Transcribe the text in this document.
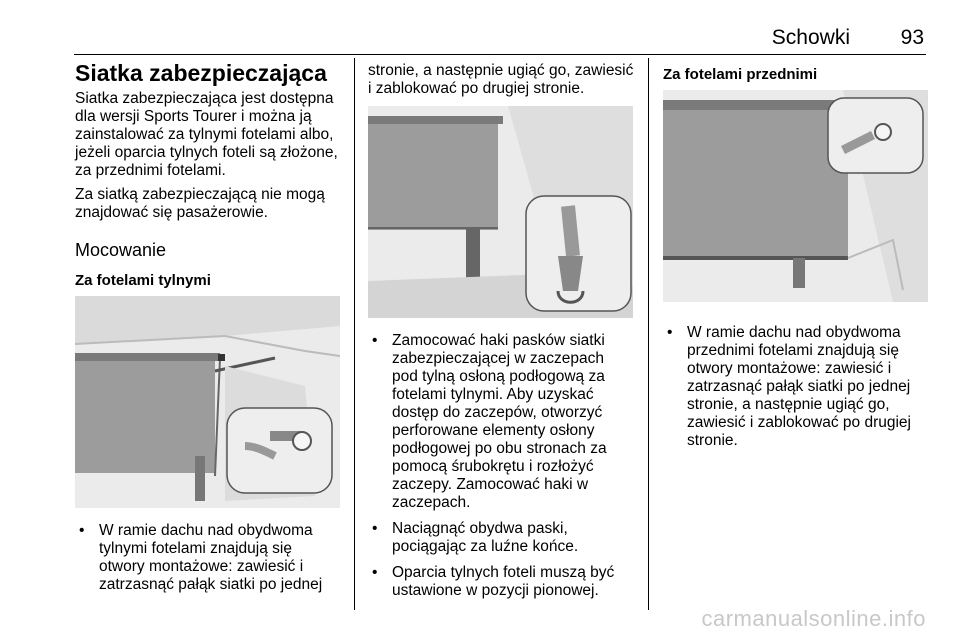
Schowki 93
Siatka zabezpieczająca

Siatka zabezpieczająca jest dostępna dla wersji Sports Tourer i można ją zainstalować za tylnymi fotelami albo, jeżeli oparcia tylnych foteli są złożone, za przednimi fotelami.

Za siatką zabezpieczającą nie mogą znajdować się pasażerowie.

Mocowanie
Za fotelami tylnymi
• W ramie dachu nad obydwoma tylnymi fotelami znajdują się otwory montażowe: zawiesić i zatrzasnąć pałąk siatki po jednej

stronie, a następnie ugiąć go, zawiesić i zablokować po drugiej stronie.

• Zamocować haki pasków siatki zabezpieczającej w zaczepach pod tylną osłoną podłogową za fotelami tylnymi. Aby uzyskać dostęp do zaczepów, otworzyć perforowane elementy osłony podłogowej po obu stronach za pomocą śrubokrętu i rozłożyć zaczepy. Zamocować haki w zaczepach.
• Naciągnąć obydwa paski, pociągając za luźne końce.
• Oparcia tylnych foteli muszą być ustawione w pozycji pionowej.
Za fotelami przednimi
• W ramie dachu nad obydwoma przednimi fotelami znajdują się otwory montażowe: zawiesić i zatrzasnąć pałąk siatki po jednej stronie, a następnie ugiąć go, zawiesić i zablokować po drugiej stronie.
carmanualsonline.info
